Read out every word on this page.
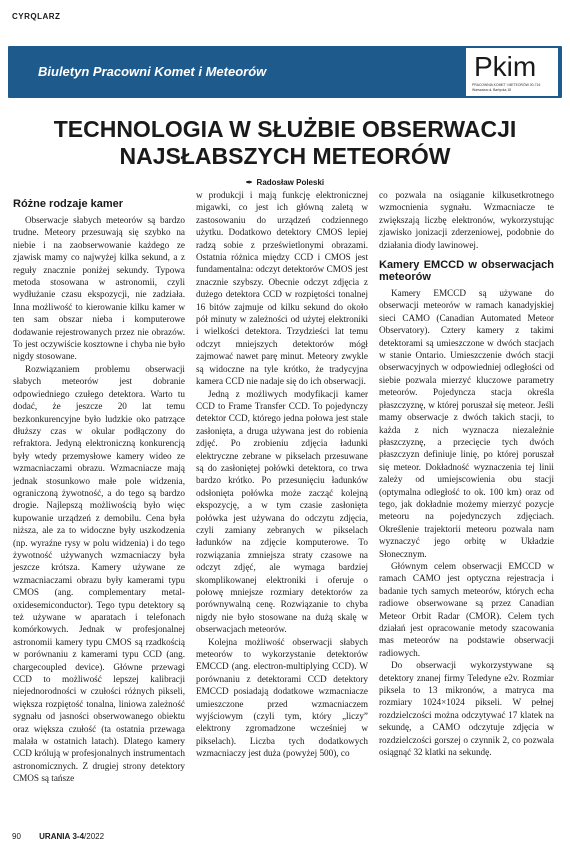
CYRQLARZ
Biuletyn Pracowni Komet i Meteorów	Pkim
PRACOWNIA KOMET I METEORÓW 00-716 Warszawa ul. Bartycka 18
TECHNOLOGIA W SŁUŻBIE OBSERWACJI
NAJSŁABSZYCH METEORÓW
✒ Radosław Poleski
Różne rodzaje kamer

Obserwacje słabych meteorów są bardzo trudne. Meteory przesuwają się szybko na niebie i na zaobserwowanie każdego ze zjawisk mamy co najwyżej kilka sekund, a z reguły znacznie poniżej sekundy. Typowa metoda stosowana w astronomii, czyli wydłużanie czasu ekspozycji, nie zadziała. Inna możliwość to kierowanie kilku kamer w ten sam obszar nieba i komputerowe dodawanie rejestrowanych przez nie obrazów. To jest oczywiście kosztowne i chyba nie było nigdy stosowane.

Rozwiązaniem problemu obserwacji słabych meteorów jest dobranie odpowiedniego czułego detektora. Warto tu dodać, że jeszcze 20 lat temu bezkonkurencyjne było ludzkie oko patrzące dłuższy czas w okular podłączony do refraktora. Jedyną elektroniczną konkurencją były wtedy przemysłowe kamery wideo ze wzmacniaczami obrazu. Wzmacniacze mają jednak stosunkowo małe pole widzenia, ograniczoną żywotność, a do tego są bardzo drogie. Najlepszą możliwością było więc kupowanie urządzeń z demobilu. Cena była niższa, ale za to widoczne były uszkodzenia (np. wyraźne rysy w polu widzenia) i do tego żywotność używanych wzmacniaczy była jeszcze krótsza. Kamery używane ze wzmacniaczami obrazu były kamerami typu CMOS (ang. complementary metal-oxidesemiconductor). Tego typu detektory są też używane w aparatach i telefonach komórkowych. Jednak w profesjonalnej astronomii kamery typu CMOS są rzadkością w porównaniu z kamerami typu CCD (ang. chargecoupled device). Główne przewagi CCD to możliwość lepszej kalibracji niejednorodności w czułości różnych pikseli, większa rozpiętość tonalna, liniowa zależność sygnału od jasności obserwowanego obiektu oraz większa czułość (ta ostatnia przewaga malała w ostatnich latach). Dlatego kamery CCD królują w profesjonalnych instrumentach astronomicznych. Z drugiej strony detektory CMOS są tańsze

w produkcji i mają funkcję elektronicznej migawki, co jest ich główną zaletą w zastosowaniu do urządzeń codziennego użytku. Dodatkowo detektory CMOS lepiej radzą sobie z prześwietlonymi obrazami. Ostatnia różnica między CCD i CMOS jest fundamentalna: odczyt detektorów CMOS jest znacznie szybszy. Obecnie odczyt zdjęcia z dużego detektora CCD w rozpiętości tonalnej 16 bitów zajmuje od kilku sekund do około pół minuty w zależności od użytej elektroniki i wielkości detektora. Trzydzieści lat temu odczyt mniejszych detektorów mógł zajmować nawet parę minut. Meteory zwykle są widoczne na tyle krótko, że tradycyjna kamera CCD nie nadaje się do ich obserwacji.

Jedną z możliwych modyfikacji kamer CCD to Frame Transfer CCD. To pojedynczy detektor CCD, którego jedna połowa jest stale zasłonięta, a druga używana jest do robienia zdjęć. Po zrobieniu zdjęcia ładunki elektryczne zebrane w pikselach przesuwane są do zasłoniętej połówki detektora, co trwa bardzo krótko. Po przesunięciu ładunków odsłonięta połówka może zacząć kolejną ekspozycję, a w tym czasie zasłonięta połówka jest używana do odczytu zdjęcia, czyli zamiany zebranych w pikselach ładunków na zdjęcie komputerowe. To rozwiązania zmniejsza straty czasowe na odczyt zdjęć, ale wymaga bardziej skomplikowanej elektroniki i oferuje o połowę mniejsze rozmiary detektorów za porównywalną cenę. Rozwiązanie to chyba nigdy nie było stosowane na dużą skalę w obserwacjach meteorów.

Kolejna możliwość obserwacji słabych meteorów to wykorzystanie detektorów EMCCD (ang. electron-multiplying CCD). W porównaniu z detektorami CCD detektory EMCCD posiadają dodatkowe wzmacniacze umieszczone przed wzmacniaczem wyjściowym (czyli tym, który „liczy” elektrony zgromadzone wcześniej w pikselach). Liczba tych dodatkowych wzmacniaczy jest duża (powyżej 500), co

co pozwala na osiąganie kilkusetkrotnego wzmocnienia sygnału. Wzmacniacze te zwiększają liczbę elektronów, wykorzystując zjawisko jonizacji zderzeniowej, podobnie do działania diody lawinowej.

Kamery EMCCD w obserwacjach meteorów

Kamery EMCCD są używane do obserwacji meteorów w ramach kanadyjskiej sieci CAMO (Canadian Automated Meteor Observatory). Cztery kamery z takimi detektorami są umieszczone w dwóch stacjach w stanie Ontario. Umieszczenie dwóch stacji obserwacyjnych w odpowiedniej odległości od siebie pozwala mierzyć kluczowe parametry meteorów. Pojedyncza stacja określa płaszczyznę, w której poruszał się meteor. Jeśli mamy obserwacje z dwóch takich stacji, to każda z nich wyznacza niezależnie płaszczyznę, a przecięcie tych dwóch płaszczyzn definiuje linię, po której poruszał się meteor. Dokładność wyznaczenia tej linii zależy od umiejscowienia obu stacji (optymalna odległość to ok. 100 km) oraz od tego, jak dokładnie możemy mierzyć pozycje meteoru na pojedynczych zdjęciach. Określenie trajektorii meteoru pozwala nam wyznaczyć jego orbitę w Układzie Słonecznym.

Głównym celem obserwacji EMCCD w ramach CAMO jest optyczna rejestracja i badanie tych samych meteorów, których echa radiowe obserwowane są przez Canadian Meteor Orbit Radar (CMOR). Celem tych działań jest opracowanie metody szacowania mas meteorów na podstawie obserwacji radiowych.

Do obserwacji wykorzystywane są detektory znanej firmy Teledyne e2v. Rozmiar piksela to 13 mikronów, a matryca ma rozmiary 1024×1024 pikseli. W pełnej rozdzielczości można odczytywać 17 klatek na sekundę, a CAMO odczytuje zdjęcia w rozdzielczości gorszej o czynnik 2, co pozwala osiągnąć 32 klatki na sekundę.

90 URANIA 3-4/2022
